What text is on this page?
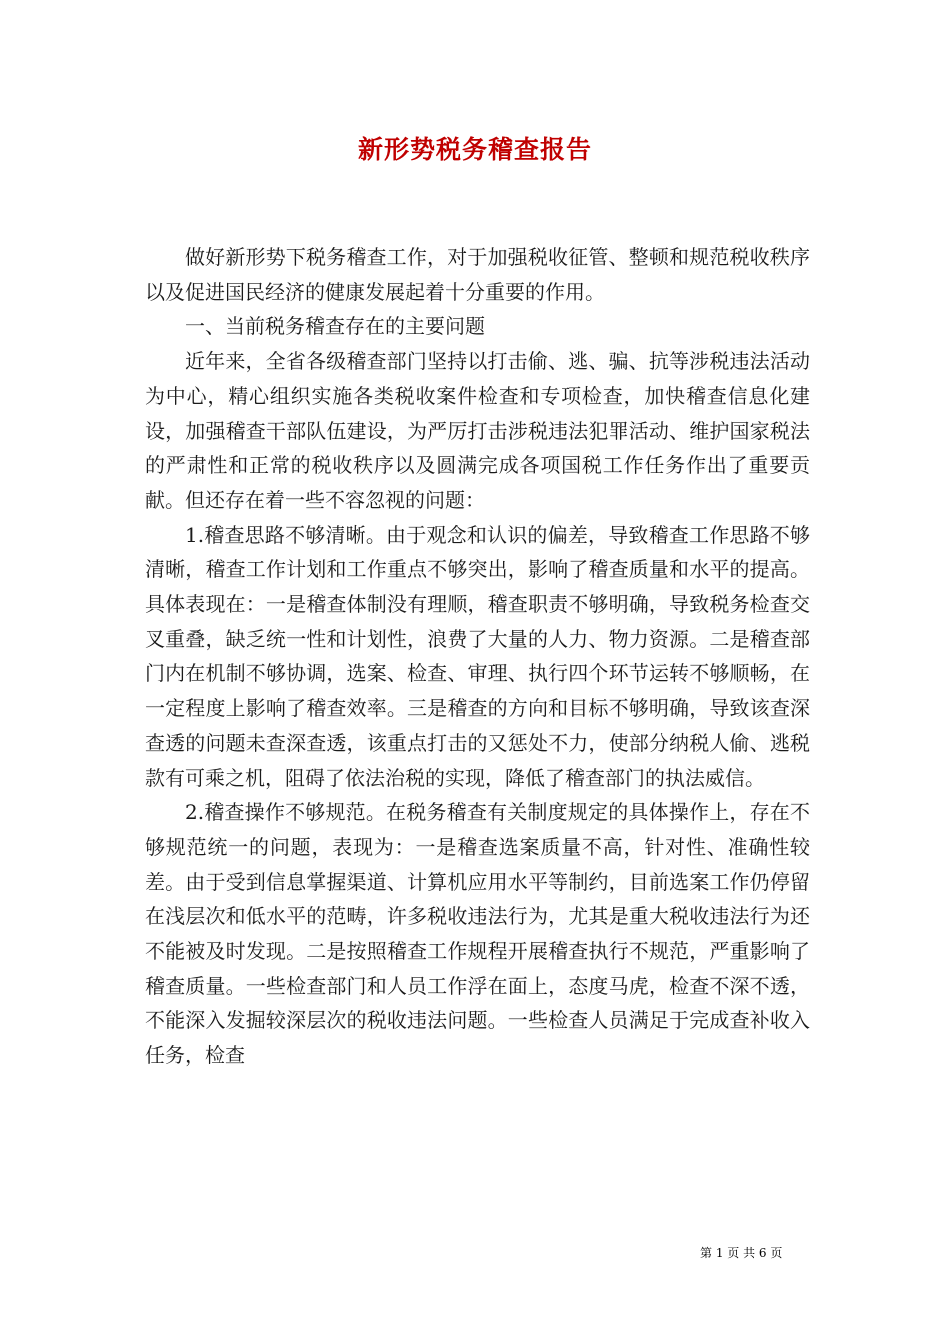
新形势税务稽查报告

做好新形势下税务稽查工作，对于加强税收征管、整顿和规范税收秩序以及促进国民经济的健康发展起着十分重要的作用。

一、当前税务稽查存在的主要问题

近年来，全省各级稽查部门坚持以打击偷、逃、骗、抗等涉税违法活动为中心，精心组织实施各类税收案件检查和专项检查，加快稽查信息化建设，加强稽查干部队伍建设，为严厉打击涉税违法犯罪活动、维护国家税法的严肃性和正常的税收秩序以及圆满完成各项国税工作任务作出了重要贡献。但还存在着一些不容忽视的问题：

1.稽查思路不够清晰。由于观念和认识的偏差，导致稽查工作思路不够清晰，稽查工作计划和工作重点不够突出，影响了稽查质量和水平的提高。具体表现在：一是稽查体制没有理顺，稽查职责不够明确，导致税务检查交叉重叠，缺乏统一性和计划性，浪费了大量的人力、物力资源。二是稽查部门内在机制不够协调，选案、检查、审理、执行四个环节运转不够顺畅，在一定程度上影响了稽查效率。三是稽查的方向和目标不够明确，导致该查深查透的问题未查深查透，该重点打击的又惩处不力，使部分纳税人偷、逃税款有可乘之机，阻碍了依法治税的实现，降低了稽查部门的执法威信。

2.稽查操作不够规范。在税务稽查有关制度规定的具体操作上，存在不够规范统一的问题，表现为：一是稽查选案质量不高，针对性、准确性较差。由于受到信息掌握渠道、计算机应用水平等制约，目前选案工作仍停留在浅层次和低水平的范畴，许多税收违法行为，尤其是重大税收违法行为还不能被及时发现。二是按照稽查工作规程开展稽查执行不规范，严重影响了稽查质量。一些检查部门和人员工作浮在面上，态度马虎，检查不深不透，不能深入发掘较深层次的税收违法问题。一些检查人员满足于完成查补收入任务，检查

第 1 页 共 6 页
